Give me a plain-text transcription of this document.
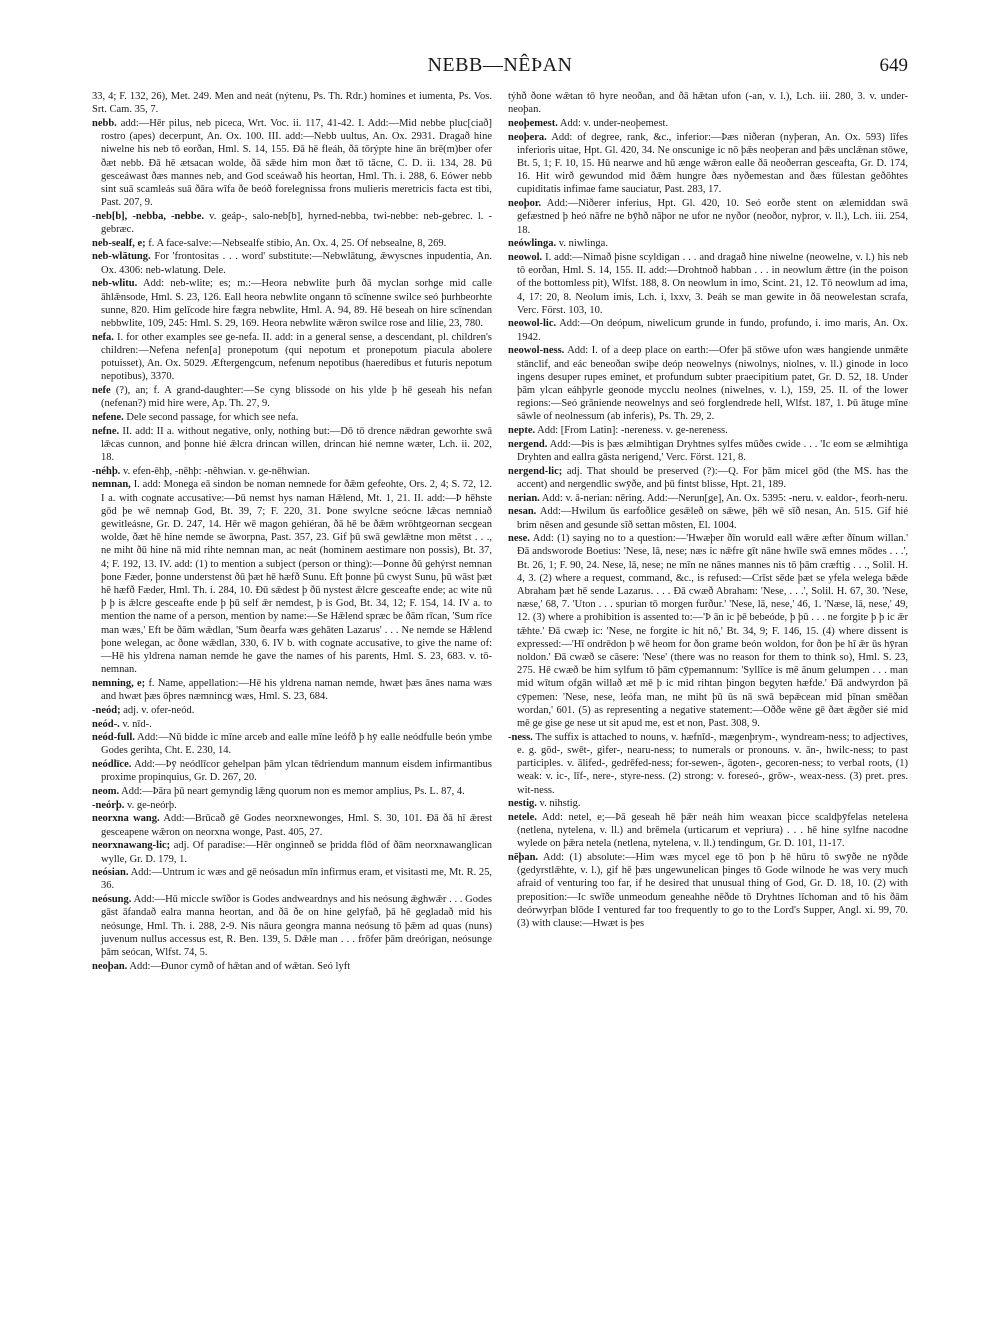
NEBB—NÊÞAN	649

33, 4; F. 132, 26), Met. 249. Men and neát (nýtenu, Ps. Th. Rdr.) homines et iumenta, Ps. Vos. Srt. Cam. 35, 7.

nebb. add:—Hēr pilus, neb piceca, Wrt. Voc. ii. 117, 41-42. I. Add:—Mid nebbe pluc[ciað] rostro (apes) decerpunt, An. Ox. 100. III. add:—Nebb uultus, An. Ox. 2931. Dragað hine niwelne his neb tō eorðan, Hml. S. 14, 155. Ðā hē fleáh, ðā tōrýpte hine ān brē(m)ber ofer ðæt nebb. Ðā hē ætsacan wolde, ðā sǣde him mon ðæt tō tācne, C. D. ii. 134, 28. Þū gesceáwast ðæs mannes neb, and God sceáwað his heortan, Hml. Th. i. 288, 6. Eówer nebb sint suā scamleás suā ðāra wīfa ðe beóð forelegnissa frons mulieris meretricis facta est tibi, Past. 207, 9.

-neb[b], -nebba, -nebbe. v. geáp-, salo-neb[b], hyrned-nebba, twi-nebbe: neb-gebrec. l. -gebræc.

neb-sealf, e; f. A face-salve:—Nebsealfe stibio, An. Ox. 4, 25. Of nebsealne, 8, 269.

neb-wlātung. For 'frontositas . . . word' substitute:—Nebwlātung, ǣwyscnes inpudentia, An. Ox. 4306: neb-wlatung. Dele.

neb-wlitu. Add: neb-wlite; es; m.:—Heora nebwlite þurh ðā myclan sorhge mid calle āhlǣnsode, Hml. S. 23, 126. Eall heora nebwlite ongann tō scīnenne swilce seó þurhbeorhte sunne, 820. Him gelīcode hire fægra nebwlite, Hml. A. 94, 89. Hē beseah on hire scīnendan nebbwlite, 109, 245: Hml. S. 29, 169. Heora nebwlite wǣron swilce rose and lilie, 23, 780.

nefa. I. for other examples see ge-nefa. II. add: in a general sense, a descendant, pl. children's children:—Nefena nefen[a] pronepotum (qui nepotum et pronepotum piacula abolere potuisset), An. Ox. 5029. Æftergengcum, nefenum nepotibus (haeredibus et futuris nepotum nepotibus), 3370.

nefe (?), an; f. A grand-daughter:—Se cyng blissode on his ylde þ hē geseah his nefan (nefenan?) mid hire were, Ap. Th. 27, 9.

nefene. Dele second passage, for which see nefa.

nefne. II. add: II a. without negative, only, nothing but:—Dō tō drence nǣdran geworhte swā lǣcas cunnon, and þonne hié ǣlcra drincan willen, drincan hié nemne wæter, Lch. ii. 202, 18.

-néhþ. v. efen-ēhþ, -nēhþ: -nêhwian. v. ge-nēhwian.

nemnan, I. add: Monega eā sindon be noman nemnede for ðǣm gefeohte, Ors. 2, 4; S. 72, 12. I a. with cognate accusative:—Þū nemst hys naman Hǣlend, Mt. 1, 21. II. add:—Þ hēhste gōd þe wē nemnaþ God, Bt. 39, 7; F. 220, 31. Þone swylcne seócne lǣcas nemniað gewitleásne, Gr. D. 247, 14. Hēr wē magon gehiéran, ðā hē be ðǣm wrōhtgeornan secgean wolde, ðæt hē hine nemde se āworpna, Past. 357, 23. Gif þū swā gewlǣtne mon mētst . . ., ne miht ðū hine nā mid rihte nemnan man, ac neát (hominem aestimare non possis), Bt. 37, 4; F. 192, 13. IV. add: (1) to mention a subject (person or thing):—Þonne ðū gehýrst nemnan þone Fæder, þonne understenst ðū þæt hē hæfð Sunu. Eft þonne þū cwyst Sunu, þū wāst þæt hē hæfð Fæder, Hml. Th. i. 284, 10. Ðū sǣdest þ ðū nystest ǣlcre gesceafte ende; ac wite nū þ þ is ǣlcre gesceafte ende þ þū self ǣr nemdest, þ is God, Bt. 34, 12; F. 154, 14. IV a. to mention the name of a person, mention by name:—Se Hǣlend spræc be ðām rīcan, 'Sum rīce man wæs,' Eft be ðām wǣdlan, 'Sum ðearfa wæs gehāten Lazarus' . . . Ne nemde se Hǣlend þone welegan, ac ðone wǣdlan, 330, 6. IV b. with cognate accusative, to give the name of:—Hē his yldrena naman nemde he gave the names of his parents, Hml. S. 23, 683. v. tō-nemnan.

nemning, e; f. Name, appellation:—Hē his yldrena naman nemde, hwæt þæs ānes nama wæs and hwæt þæs ōþres næmnincg wæs, Hml. S. 23, 684.

-neód; adj. v. ofer-neód.

neód-. v. nīd-.

neód-full. Add:—Nū bidde ic mīne arceb and ealle mīne leófð þ hȳ ealle neódfulle beón ymbe Godes gerihta, Cht. E. 230, 14.

neódlīce. Add:—Þȳ neódlīcor gehelpan þām ylcan tēdriendum mannum eisdem infirmantibus proxime propinquius, Gr. D. 267, 20.

neom. Add:—Þāra þū neart gemyndig lǣng quorum non es memor amplius, Ps. L. 87, 4.

-neórþ. v. ge-neórþ.

neorxna wang. Add:—Brūcað gē Godes neorxnewonges, Hml. S. 30, 101. Ðā ðā hī ǣrest gesceapene wǣron on neorxna wonge, Past. 405, 27.

neorxnawang-lic; adj. Of paradise:—Hēr onginneð se þridda flōd of ðām neorxnawanglican wylle, Gr. D. 179, 1.

neósian. Add:—Untrum ic wæs and gē neósadun mīn infirmus eram, et visitasti me, Mt. R. 25, 36.

neósung. Add:—Hū miccle swīðor is Godes andweardnys and his neósung ǣghwǣr . . . Godes gāst āfandað ealra manna heortan, and ðā ðe on hine gelȳfað, þā hē gegladað mid his neósunge, Hml. Th. i. 288, 2-9. Nis nāura geongra manna neósung tō þǣm ad quas (nuns) juvenum nullus accessus est, R. Ben. 139, 5. Dǣle man . . . frōfer þām dreórigan, neósunge þām seócan, Wlfst. 74, 5.

neoþan. Add:—Ðunor cymð of hǣtan and of wǣtan. Seó lyft

týhð ðone wǣtan tō hyre neoðan, and ðā hǣtan ufon (-an, v. l.), Lch. iii. 280, 3. v. under-neoþan.

neoþemest. Add: v. under-neoþemest.

neoþera. Add: of degree, rank, &c., inferior:—Þæs niðeran (nyþeran, An. Ox. 593) līfes inferioris uitae, Hpt. Gl. 420, 34. Ne onscunige ic nō þǣs neoþeran and þǣs unclǣnan stōwe, Bt. 5, 1; F. 10, 15. Hū nearwe and hū ænge wǣron ealle ðā neoðerran gesceafta, Gr. D. 174, 16. Hit wirð gewundod mid ðǣm hungre ðæs nyðemestan and ðæs fūlestan geðōhtes cupiditatis infimae fame sauciatur, Past. 283, 17.

neoþor. Add:—Niðerer inferius, Hpt. Gl. 420, 10. Seó eorðe stent on ælemiddan swā gefæstned þ heó nāfre ne bȳhð nāþor ne ufor ne nyðor (neoðor, nyþror, v. ll.), Lch. iii. 254, 18.

neówlinga. v. niwlinga.

neowol. I. add:—Nimað þisne scyldigan . . . and dragað hine niwelne (neowelne, v. l.) his neb tō eorðan, Hml. S. 14, 155. II. add:—Drohtnoð habban . . . in neowlum ǣttre (in the poison of the bottomless pit), Wlfst. 188, 8. On neowlum in imo, Scint. 21, 12. Tō neowlum ad ima, 4, 17: 20, 8. Neolum imis, Lch. i, lxxv, 3. Þeáh se man gewite in ðā neowelestan scrafa, Verc. Först. 103, 10.

neowol-lic. Add:—On deópum, niwelicum grunde in fundo, profundo, i. imo maris, An. Ox. 1942.

neowol-ness. Add: I. of a deep place on earth:—Ofer þā stōwe ufon wæs hangiende unmǣte stānclif, and eác beneoðan swiþe deóp neowelnys (niwolnys, niolnes, v. ll.) ginode in loco ingens desuper rupes eminet, et profundum subter praecipitium patet, Gr. D. 52, 18. Under þām ylcan eáhþyrle geonode mycclu neolnes (niwelnes, v. l.), 159, 25. II. of the lower regions:—Seó grāniende neowelnys and seó forglendrede hell, Wlfst. 187, 1. Þū ātuge mīne sāwle of neolnessum (ab inferis), Ps. Th. 29, 2.

nepte. Add: [From Latin]: -nereness. v. ge-nereness.

nergend. Add:—Þis is þæs ælmihtigan Dryhtnes sylfes mūðes cwide . . . 'Ic eom se ælmihtiga Dryhten and eallra gāsta nerigend,' Verc. Först. 121, 8.

nergend-lic; adj. That should be preserved (?):—Q. For þām micel gōd (the MS. has the accent) and nergendlic swȳðe, and þū fintst blisse, Hpt. 21, 189.

nerian. Add: v. ā-nerian: nēring. Add:—Nerun[ge], An. Ox. 5395: -neru. v. ealdor-, feorh-neru.

nesan. Add:—Hwilum ūs earfoðlice gesǣleð on sǣwe, þēh wē sīð nesan, An. 515. Gif hié brim nēsen and gesunde sīð settan mōsten, El. 1004.

nese. Add: (1) saying no to a question:—'Hwæþer ðīn woruld eall wǣre æfter ðīnum willan.' Ðā andsworode Boetius: 'Nese, lā, nese; næs ic nǣfre gīt nāne hwīle swā emnes mōdes . . .', Bt. 26, 1; F. 90, 24. Nese, lā, nese; ne mīn ne nānes mannes nis tō þām cræftig . . ., Solil. H. 4, 3. (2) where a request, command, &c., is refused:—Crīst sēde þæt se yfela welega bǣde Abraham þæt hē sende Lazarus. . . . Ðā cwæð Abraham: 'Nese, . . .', Solil. H. 67, 30. 'Nese, næse,' 68, 7. 'Uton . . . spurian tō morgen furður.' 'Nese, lā, nese,' 46, 1. 'Næse, lā, nese,' 49, 12. (3) where a prohibition is assented to:—'Þ ān ic þē bebeóde, þ þū . . . ne forgite þ þ ic ǣr tǣhte.' Ðā cwæþ ic: 'Nese, ne forgite ic hit nō,' Bt. 34, 9; F. 146, 15. (4) where dissent is expressed:—'Hī ondrēdon þ wē heom for ðon grame beón woldon, for ðon þe hī ǣr ūs hȳran noldon.' Ðā cwæð se cāsere: 'Nese' (there was no reason for them to think so), Hml. S. 23, 275. Hē cwæð be him sylfum tō þām cȳpemannum: 'Syllīce is mē ānum gelumpen . . . man mid wītum ofgān willað æt mē þ ic mid rihtan þingon begyten hæfde.' Ðā andwyrdon þā cȳpemen: 'Nese, nese, leófa man, ne miht þū ūs nā swā bepǣcean mid þīnan smēðan wordan,' 601. (5) as representing a negative statement:—Oððe wēne gē ðæt ǣgðer sié mid mē ge gise ge nese ut sit apud me, est et non, Past. 308, 9.

-ness. The suffix is attached to nouns, v. hæfnīd-, mægenþrym-, wyndream-ness; to adjectives, e. g. gōd-, swēt-, gifer-, nearu-ness; to numerals or pronouns. v. ān-, hwilc-ness; to past participles. v. ālifed-, gedrēfed-ness; for-sewen-, āgoten-, gecoren-ness; to verbal roots, (1) weak: v. ic-, līf-, nere-, styre-ness. (2) strong: v. foreseó-, grōw-, weax-ness. (3) pret. pres. wit-ness.

nestig. v. nihstig.

netele. Add: netel, e;—Þā geseah hē þǣr neáh him weaxan þicce scaldþȳfelas neteleна (netlena, nytelena, v. ll.) and brēmela (urticarum et vepriura) . . . hē hine sylfne nacodne wylede on þǣra netela (netlena, nytelena, v. ll.) tendingum, Gr. D. 101, 11-17.

nēþan. Add: (1) absolute:—Him wæs mycel ege tō þon þ hē hūru tō swȳðe ne nȳðde (gedyrstlǣhte, v. l.), gif hē þæs ungewunelican þinges tō Gode wilnode he was very much afraid of venturing too far, if he desired that unusual thing of God, Gr. D. 18, 10. (2) with preposition:—Ic swīðe unmeodum geneahhe nēðde tō Dryhtnes līchoman and tō his ðām deórwyrþan blōde I ventured far too frequently to go to the Lord's Supper, Angl. xi. 99, 70. (3) with clause:—Hwæt is þes
